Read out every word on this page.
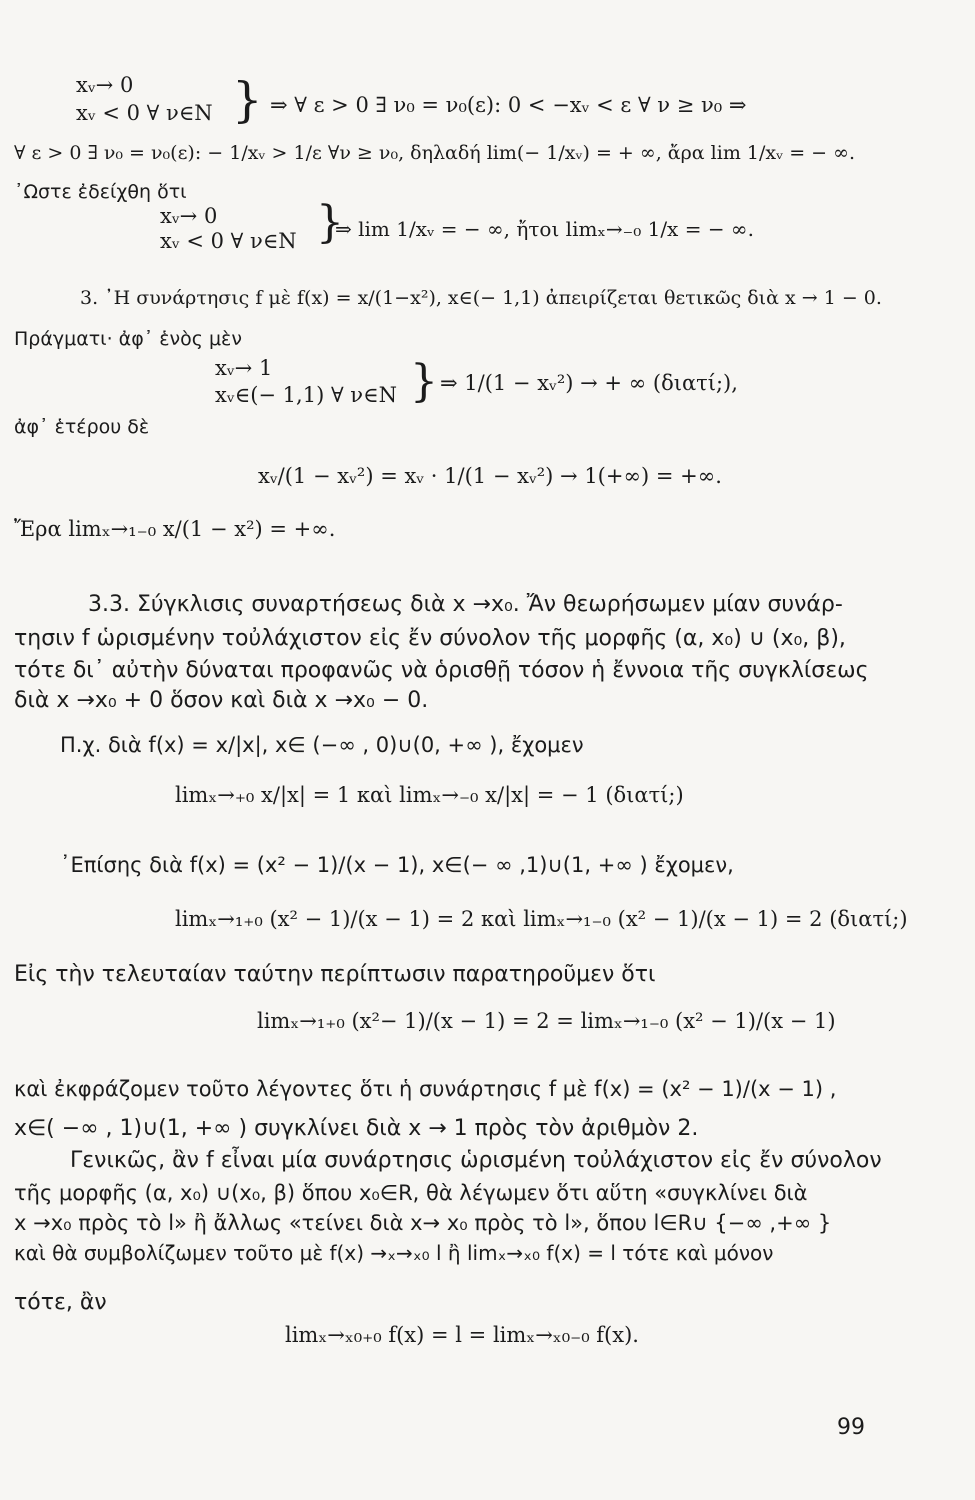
}
}
}
xᵥ→ 0
xᵥ < 0 ∀ ν∈N	⇒ ∀ ε > 0 ∃ ν₀ = ν₀(ε): 0 < −xᵥ < ε ∀ ν ≥ ν₀ ⇒
∀ ε > 0 ∃ ν₀ = ν₀(ε): − 1/xᵥ > 1/ε ∀ν ≥ ν₀, δηλαδή lim(− 1/xᵥ) = + ∞, ἄρα lim 1/xᵥ = − ∞.
᾿Ωστε ἐδείχθη ὅτι
xᵥ→ 0
xᵥ < 0 ∀ ν∈N ⇒ lim 1/xᵥ = − ∞, ἤτοι limₓ→₋₀ 1/x = − ∞.
3. ᾿Η συνάρτησις f μὲ f(x) = x/(1−x²), x∈(− 1,1) ἀπειρίζεται θετικῶς διὰ x → 1 − 0.
Πράγματι· ἀφ᾿ ἑνὸς μὲν
xᵥ→ 1
xᵥ∈(− 1,1) ∀ ν∈N ⇒ 1/(1 − xᵥ²) → + ∞ (διατί;),
ἀφ᾿ ἑτέρου δὲ
xᵥ/(1 − xᵥ²) = xᵥ · 1/(1 − xᵥ²) → 1(+∞) = +∞.
Ἔρα limₓ→₁₋₀ x/(1 − x²) = +∞.
3.3. Σύγκλισις συναρτήσεως διὰ x →x₀. Ἄν θεωρήσωμεν μίαν συνάρ-
τησιν f ὡρισμένην τοὐλάχιστον εἰς ἔν σύνολον τῆς μορφῆς (α, x₀) ∪ (x₀, β),
τότε δι᾿ αὐτὴν δύναται προφανῶς νὰ ὁρισθῇ τόσον ἡ ἔννοια τῆς συγκλίσεως
διὰ x →x₀ + 0 ὅσον καὶ διὰ x →x₀ − 0.
Π.χ. διὰ f(x) = x/|x|, x∈ (−∞ , 0)∪(0, +∞ ), ἔχομεν
limₓ→₊₀ x/|x| = 1 καὶ limₓ→₋₀ x/|x| = − 1 (διατί;)
᾿Επίσης διὰ f(x) = (x² − 1)/(x − 1), x∈(− ∞ ,1)∪(1, +∞ ) ἔχομεν,
limₓ→₁₊₀ (x² − 1)/(x − 1) = 2 καὶ limₓ→₁₋₀ (x² − 1)/(x − 1) = 2 (διατί;)
Εἰς τὴν τελευταίαν ταύτην περίπτωσιν παρατηροῦμεν ὅτι
limₓ→₁₊₀ (x²− 1)/(x − 1) = 2 = limₓ→₁₋₀ (x² − 1)/(x − 1)
καὶ ἐκφράζομεν τοῦτο λέγοντες ὅτι ἡ συνάρτησις f μὲ f(x) = (x² − 1)/(x − 1) ,
x∈( −∞ , 1)∪(1, +∞ ) συγκλίνει διὰ x → 1 πρὸς τὸν ἀριθμὸν 2.
Γενικῶς, ἂν f εἶναι μία συνάρτησις ὡρισμένη τοὐλάχιστον εἰς ἔν σύνολον
τῆς μορφῆς (α, x₀) ∪(x₀, β) ὅπου x₀∈R, θὰ λέγωμεν ὅτι αὕτη «συγκλίνει διὰ
x →x₀ πρὸς τὸ l» ἢ ἄλλως «τείνει διὰ x→ x₀ πρὸς τὸ l», ὅπου l∈R∪ {−∞ ,+∞ }
καὶ θὰ συμβολίζωμεν τοῦτο μὲ f(x) →ₓ→ₓ₀ l ἢ limₓ→ₓ₀ f(x) = l τότε καὶ μόνον
τότε, ἂν
limₓ→ₓ₀₊₀ f(x) = l = limₓ→ₓ₀₋₀ f(x).
99
